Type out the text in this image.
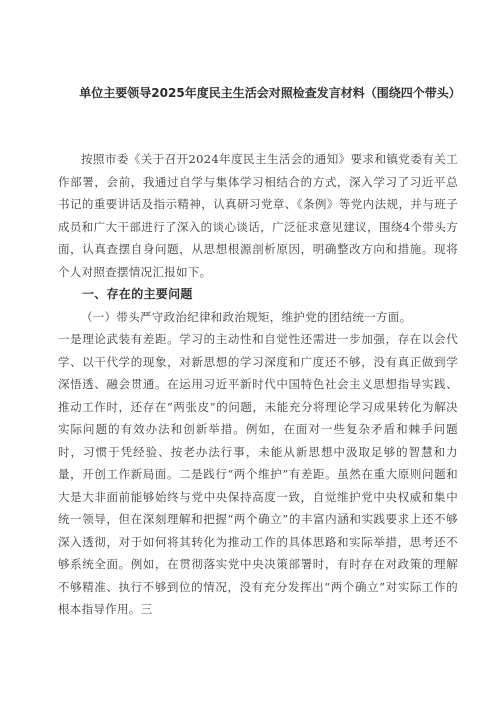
单位主要领导2025年度民主生活会对照检查发言材料（围绕四个带头）

按照市委《关于召开2024年度民主生活会的通知》要求和镇党委有关工作部署，会前，我通过自学与集体学习相结合的方式，深入学习了习近平总书记的重要讲话及指示精神，认真研习党章、《条例》等党内法规，并与班子成员和广大干部进行了深入的谈心谈话，广泛征求意见建议，围绕4个带头方面，认真查摆自身问题，从思想根源剖析原因，明确整改方向和措施。现将个人对照查摆情况汇报如下。

一、存在的主要问题

（一）带头严守政治纪律和政治规矩，维护党的团结统一方面。

一是理论武装有差距。学习的主动性和自觉性还需进一步加强，存在以会代学、以干代学的现象，对新思想的学习深度和广度还不够，没有真正做到学深悟透、融会贯通。在运用习近平新时代中国特色社会主义思想指导实践、推动工作时，还存在“两张皮”的问题，未能充分将理论学习成果转化为解决实际问题的有效办法和创新举措。例如，在面对一些复杂矛盾和棘手问题时，习惯于凭经验、按老办法行事，未能从新思想中汲取足够的智慧和力量，开创工作新局面。二是践行“两个维护”有差距。虽然在重大原则问题和大是大非面前能够始终与党中央保持高度一致，自觉维护党中央权威和集中统一领导，但在深刻理解和把握“两个确立”的丰富内涵和实践要求上还不够深入透彻，对于如何将其转化为推动工作的具体思路和实际举措，思考还不够系统全面。例如，在贯彻落实党中央决策部署时，有时存在对政策的理解不够精准、执行不够到位的情况，没有充分发挥出“两个确立”对实际工作的根本指导作用。三
